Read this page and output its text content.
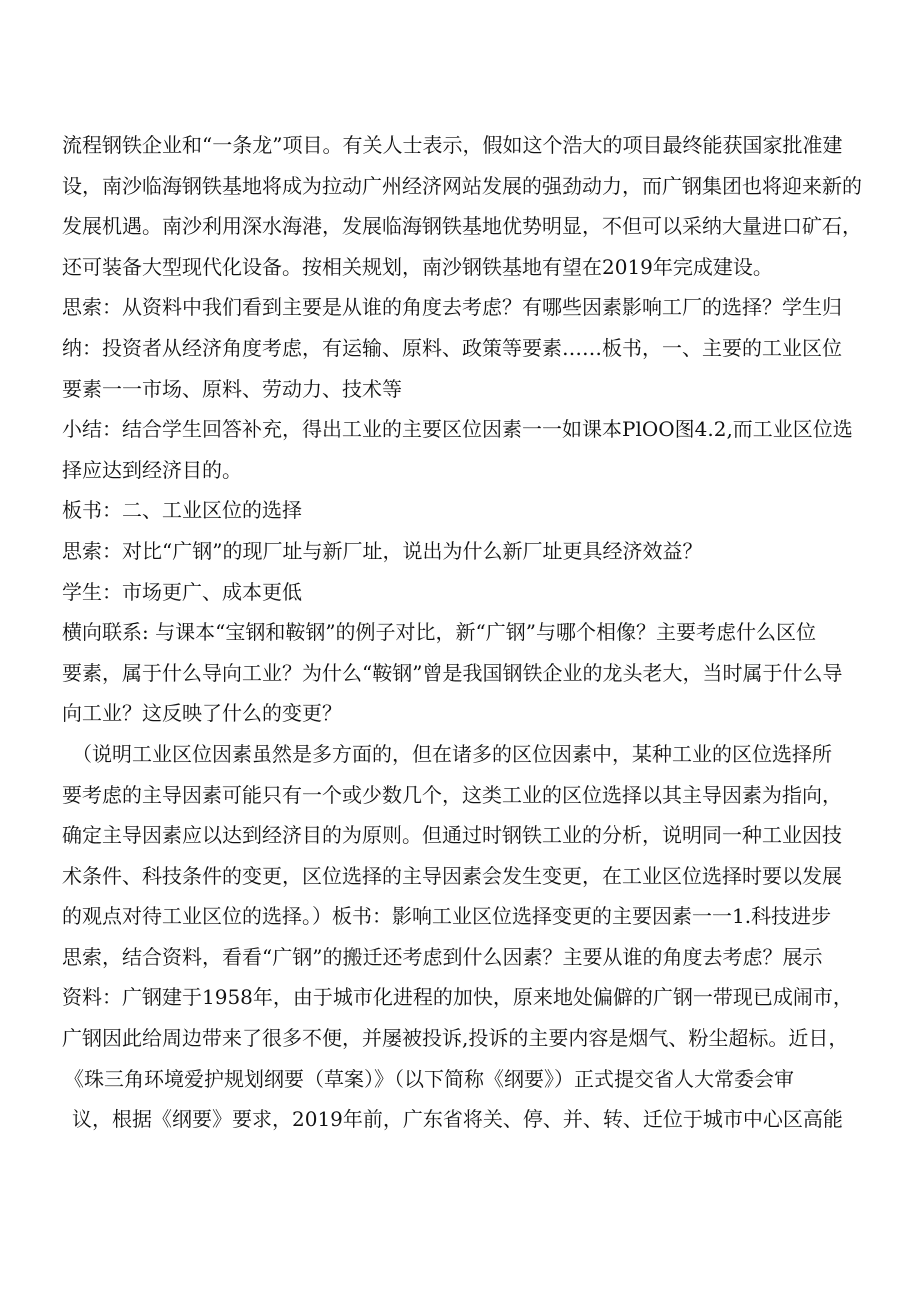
流程钢铁企业和“一条龙”项目。有关人士表示，假如这个浩大的项目最终能获国家批准建
设，南沙临海钢铁基地将成为拉动广州经济网站发展的强劲动力，而广钢集团也将迎来新的
发展机遇。南沙利用深水海港，发展临海钢铁基地优势明显，不但可以采纳大量进口矿石，
还可装备大型现代化设备。按相关规划，南沙钢铁基地有望在2019年完成建设。
思索：从资料中我们看到主要是从谁的角度去考虑？有哪些因素影响工厂的选择？学生归
纳：投资者从经济角度考虑，有运输、原料、政策等要素……板书，一、主要的工业区位
要素一一市场、原料、劳动力、技术等
小结：结合学生回答补充，得出工业的主要区位因素一一如课本PlOO图4.2,而工业区位选
择应达到经济目的。
板书：二、工业区位的选择
思索：对比“广钢”的现厂址与新厂址，说出为什么新厂址更具经济效益？
学生：市场更广、成本更低
横向联系: 与课本“宝钢和鞍钢”的例子对比，新“广钢”与哪个相像？主要考虑什么区位
要素，属于什么导向工业？为什么“鞍钢”曾是我国钢铁企业的龙头老大，当时属于什么导
向工业？这反映了什么的变更？
（说明工业区位因素虽然是多方面的，但在诸多的区位因素中，某种工业的区位选择所
要考虑的主导因素可能只有一个或少数几个，这类工业的区位选择以其主导因素为指向，
确定主导因素应以达到经济目的为原则。但通过时钢铁工业的分析，说明同一种工业因技
术条件、科技条件的变更，区位选择的主导因素会发生变更，在工业区位选择时要以发展
的观点对待工业区位的选择。）板书：影响工业区位选择变更的主要因素一一1.科技进步
思索，结合资料，看看“广钢”的搬迁还考虑到什么因素？主要从谁的角度去考虑？展示
资料：广钢建于1958年，由于城市化进程的加快，原来地处偏僻的广钢一带现已成闹市，
广钢因此给周边带来了很多不便，并屡被投诉,投诉的主要内容是烟气、粉尘超标。近日，
《珠三角环境爱护规划纲要（草案）》（以下简称《纲要》）正式提交省人大常委会审
议，根据《纲要》要求，2019年前，广东省将关、停、并、转、迁位于城市中心区高能
